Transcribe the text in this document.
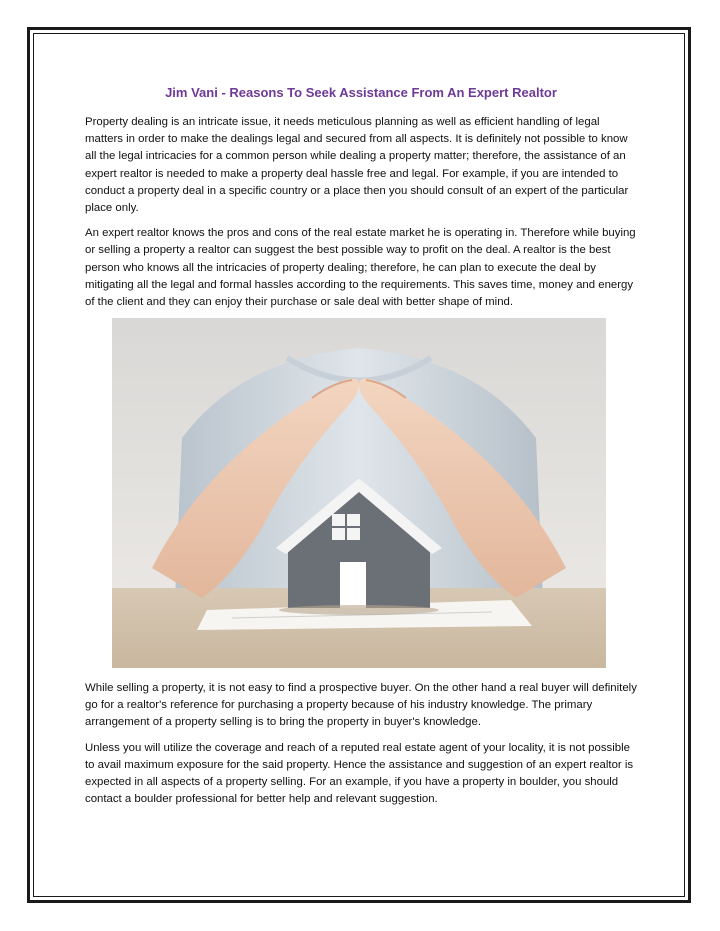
Jim Vani - Reasons To Seek Assistance From An Expert Realtor

Property dealing is an intricate issue, it needs meticulous planning as well as efficient handling of legal matters in order to make the dealings legal and secured from all aspects. It is definitely not possible to know all the legal intricacies for a common person while dealing a property matter; therefore, the assistance of an expert realtor is needed to make a property deal hassle free and legal. For example, if you are intended to conduct a property deal in a specific country or a place then you should consult of an expert of the particular place only.

An expert realtor knows the pros and cons of the real estate market he is operating in. Therefore while buying or selling a property a realtor can suggest the best possible way to profit on the deal. A realtor is the best person who knows all the intricacies of property dealing; therefore, he can plan to execute the deal by mitigating all the legal and formal hassles according to the requirements. This saves time, money and energy of the client and they can enjoy their purchase or sale deal with better shape of mind.

While selling a property, it is not easy to find a prospective buyer. On the other hand a real buyer will definitely go for a realtor's reference for purchasing a property because of his industry knowledge. The primary arrangement of a property selling is to bring the property in buyer's knowledge.

Unless you will utilize the coverage and reach of a reputed real estate agent of your locality, it is not possible to avail maximum exposure for the said property. Hence the assistance and suggestion of an expert realtor is expected in all aspects of a property selling. For an example, if you have a property in boulder, you should contact a boulder professional for better help and relevant suggestion.
